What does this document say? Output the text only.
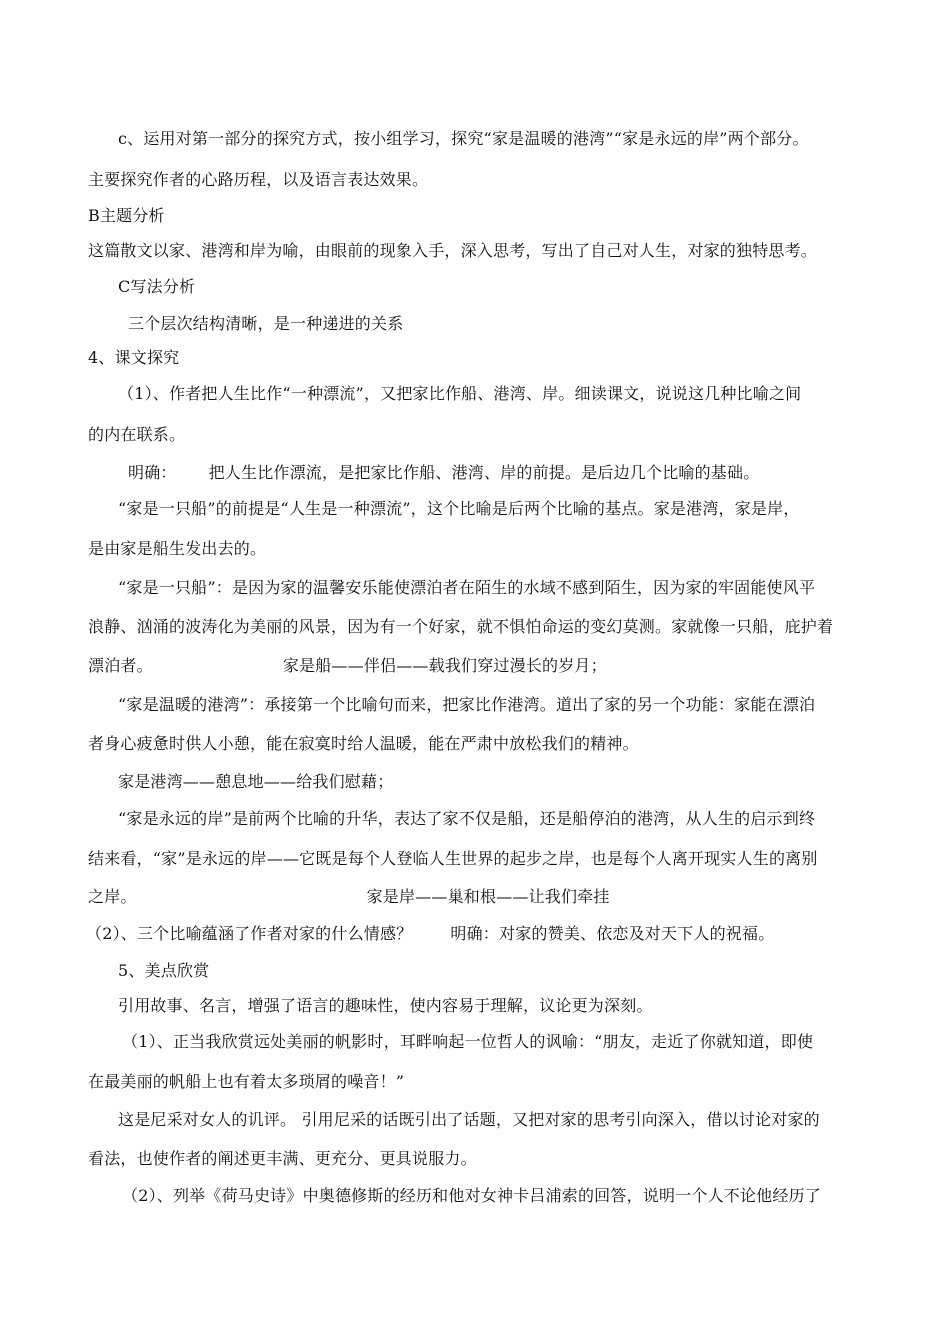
c、运用对第一部分的探究方式，按小组学习，探究“家是温暖的港湾”“家是永远的岸”两个部分。
主要探究作者的心路历程，以及语言表达效果。
B主题分析
这篇散文以家、港湾和岸为喻，由眼前的现象入手，深入思考，写出了自己对人生，对家的独特思考。
C写法分析
三个层次结构清晰，是一种递进的关系
4、课文探究
（1）、作者把人生比作“一种漂流”，又把家比作船、港湾、岸。细读课文，说说这几种比喻之间
的内在联系。
明确： 把人生比作漂流，是把家比作船、港湾、岸的前提。是后边几个比喻的基础。
“家是一只船”的前提是“人生是一种漂流”，这个比喻是后两个比喻的基点。家是港湾，家是岸，
是由家是船生发出去的。
“家是一只船”：是因为家的温馨安乐能使漂泊者在陌生的水域不感到陌生，因为家的牢固能使风平
浪静、汹涌的波涛化为美丽的风景，因为有一个好家，就不惧怕命运的变幻莫测。家就像一只船，庇护着
漂泊者。	家是船——伴侣——载我们穿过漫长的岁月；
“家是温暖的港湾”：承接第一个比喻句而来，把家比作港湾。道出了家的另一个功能：家能在漂泊
者身心疲惫时供人小憩，能在寂寞时给人温暖，能在严肃中放松我们的精神。
家是港湾——憩息地——给我们慰藉；
“家是永远的岸”是前两个比喻的升华，表达了家不仅是船，还是船停泊的港湾，从人生的启示到终
结来看，“家”是永远的岸——它既是每个人登临人生世界的起步之岸，也是每个人离开现实人生的离别
之岸。	家是岸——巢和根——让我们牵挂
（2）、三个比喻蕴涵了作者对家的什么情感？ 明确：对家的赞美、依恋及对天下人的祝福。
5、美点欣赏
引用故事、名言，增强了语言的趣味性，使内容易于理解，议论更为深刻。
（1）、正当我欣赏远处美丽的帆影时，耳畔响起一位哲人的讽喻：“朋友，走近了你就知道，即使
在最美丽的帆船上也有着太多琐屑的噪音！”
这是尼采对女人的讥评。 引用尼采的话既引出了话题，又把对家的思考引向深入，借以讨论对家的
看法，也使作者的阐述更丰满、更充分、更具说服力。
（2）、列举《荷马史诗》中奥德修斯的经历和他对女神卡吕浦索的回答，说明一个人不论他经历了
